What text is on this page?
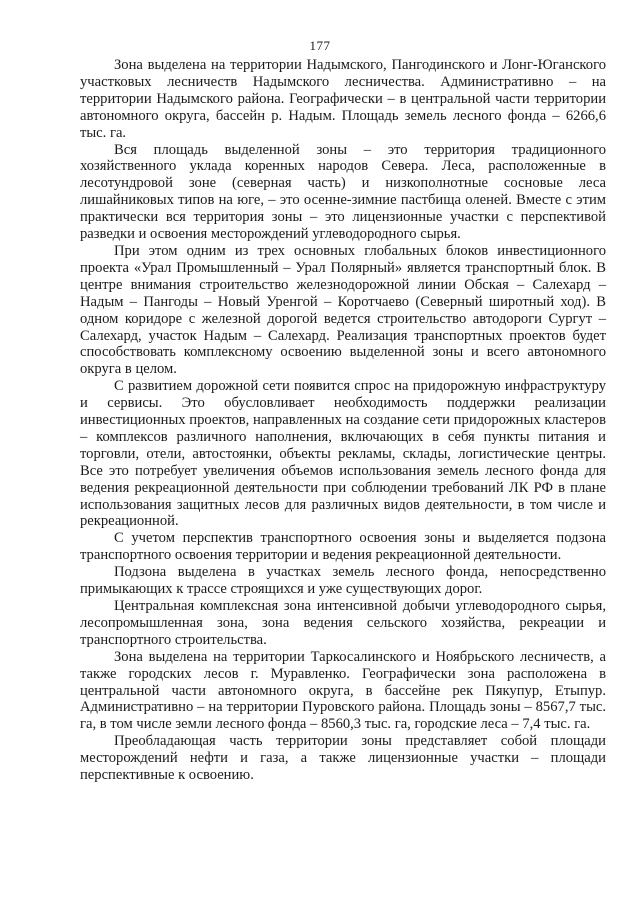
177

Зона выделена на территории Надымского, Пангодинского и Лонг-Юганского участковых лесничеств Надымского лесничества. Административно – на территории Надымского района. Географически – в центральной части территории автономного округа, бассейн р. Надым. Площадь земель лесного фонда – 6266,6 тыс. га.

Вся площадь выделенной зоны – это территория традиционного хозяйственного уклада коренных народов Севера. Леса, расположенные в лесотундровой зоне (северная часть) и низкополнотные сосновые леса лишайниковых типов на юге, – это осенне-зимние пастбища оленей. Вместе с этим практически вся территория зоны – это лицензионные участки с перспективой разведки и освоения месторождений углеводородного сырья.

При этом одним из трех основных глобальных блоков инвестиционного проекта «Урал Промышленный – Урал Полярный» является транспортный блок. В центре внимания строительство железнодорожной линии Обская – Салехард – Надым – Пангоды – Новый Уренгой – Коротчаево (Северный широтный ход). В одном коридоре с железной дорогой ведется строительство автодороги Сургут – Салехард, участок Надым – Салехард. Реализация транспортных проектов будет способствовать комплексному освоению выделенной зоны и всего автономного округа в целом.

С развитием дорожной сети появится спрос на придорожную инфраструктуру и сервисы. Это обусловливает необходимость поддержки реализации инвестиционных проектов, направленных на создание сети придорожных кластеров – комплексов различного наполнения, включающих в себя пункты питания и торговли, отели, автостоянки, объекты рекламы, склады, логистические центры. Все это потребует увеличения объемов использования земель лесного фонда для ведения рекреационной деятельности при соблюдении требований ЛК РФ в плане использования защитных лесов для различных видов деятельности, в том числе и рекреационной.

С учетом перспектив транспортного освоения зоны и выделяется подзона транспортного освоения территории и ведения рекреационной деятельности.

Подзона выделена в участках земель лесного фонда, непосредственно примыкающих к трассе строящихся и уже существующих дорог.

Центральная комплексная зона интенсивной добычи углеводородного сырья, лесопромышленная зона, зона ведения сельского хозяйства, рекреации и транспортного строительства.

Зона выделена на территории Таркосалинского и Ноябрьского лесничеств, а также городских лесов г. Муравленко. Географически зона расположена в центральной части автономного округа, в бассейне рек Пякупур, Етыпур. Административно – на территории Пуровского района. Площадь зоны – 8567,7 тыс. га, в том числе земли лесного фонда – 8560,3 тыс. га, городские леса – 7,4 тыс. га.

Преобладающая часть территории зоны представляет собой площади месторождений нефти и газа, а также лицензионные участки – площади перспективные к освоению.
